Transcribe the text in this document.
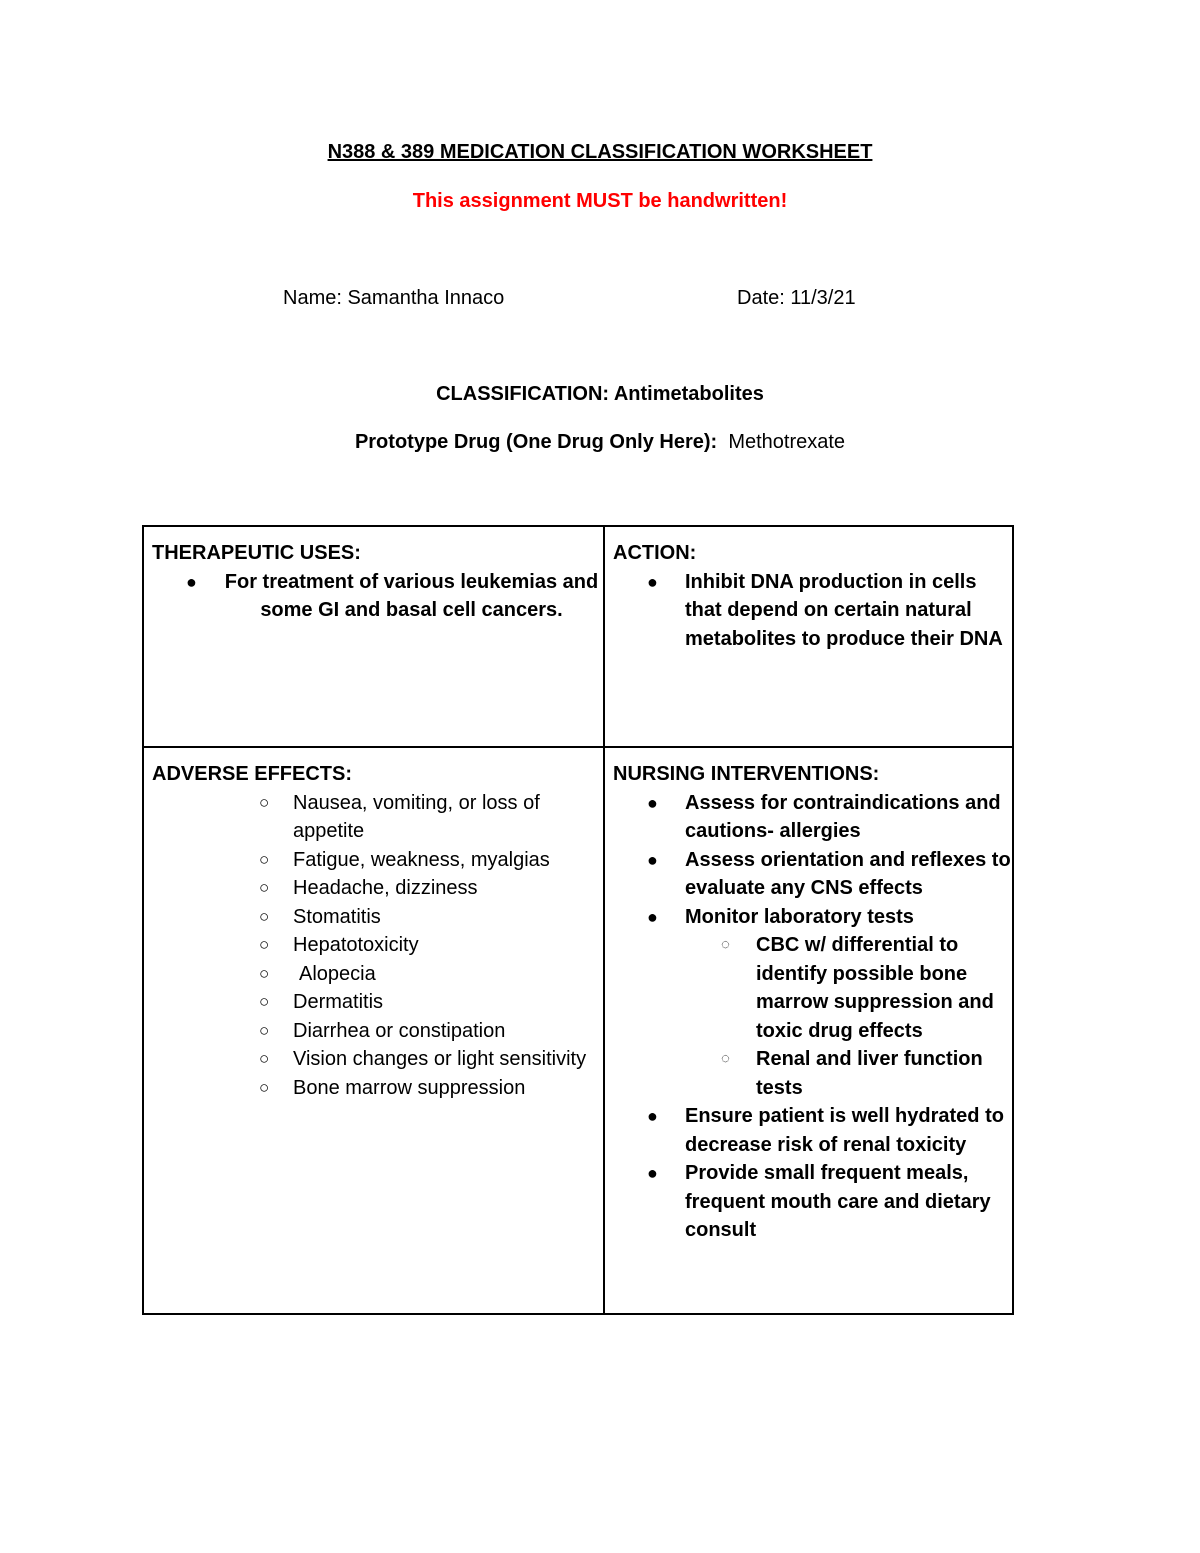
N388 & 389 MEDICATION CLASSIFICATION WORKSHEET
This assignment MUST be handwritten!
Name: Samantha Innaco	Date: 11/3/21
CLASSIFICATION: Antimetabolites
Prototype Drug (One Drug Only Here): Methotrexate
THERAPEUTIC USES:
● For treatment of various leukemias and some GI and basal cell cancers.
ACTION:
● Inhibit DNA production in cells that depend on certain natural metabolites to produce their DNA
ADVERSE EFFECTS:
○ Nausea, vomiting, or loss of appetite
○ Fatigue, weakness, myalgias
○ Headache, dizziness
○ Stomatitis
○ Hepatotoxicity
○ Alopecia
○ Dermatitis
○ Diarrhea or constipation
○ Vision changes or light sensitivity
○ Bone marrow suppression
NURSING INTERVENTIONS:
● Assess for contraindications and cautions- allergies
● Assess orientation and reflexes to evaluate any CNS effects
● Monitor laboratory tests
◌ CBC w/ differential to identify possible bone marrow suppression and toxic drug effects
◌ Renal and liver function tests
● Ensure patient is well hydrated to decrease risk of renal toxicity
● Provide small frequent meals, frequent mouth care and dietary consult
